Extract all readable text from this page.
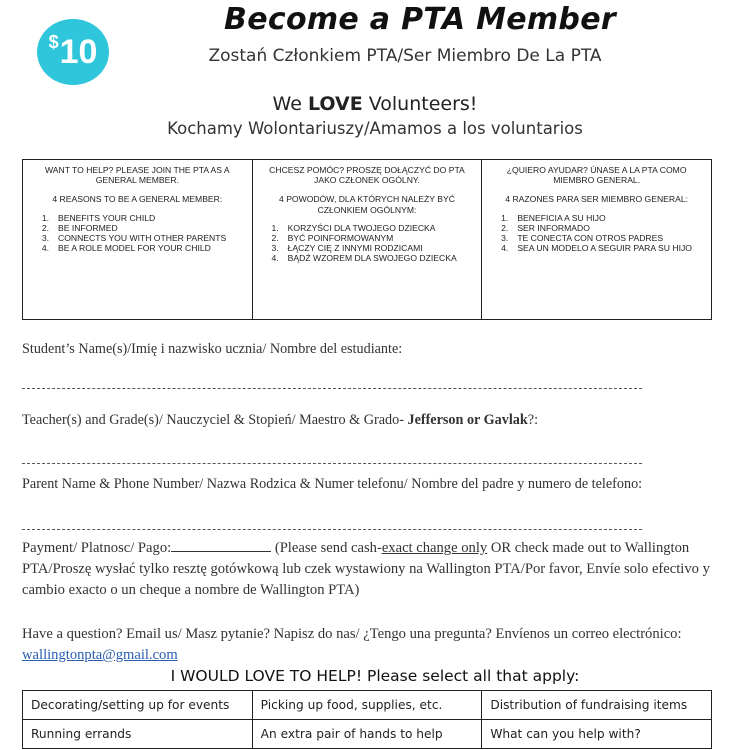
$ 10
Become a PTA Member
Zostań Członkiem PTA/Ser Miembro De La PTA
We LOVE Volunteers!
Kochamy Wolontariuszy/Amamos a los voluntarios
WANT TO HELP? PLEASE JOIN THE PTA AS A GENERAL MEMBER.
4 REASONS TO BE A GENERAL MEMBER:
1.	BENEFITS YOUR CHILD
2.	BE INFORMED
3.	CONNECTS YOU WITH OTHER PARENTS
4.	BE A ROLE MODEL FOR YOUR CHILD

CHCESZ POMÓC? PROSZĘ DOŁĄCZYĆ DO PTA JAKO CZŁONEK OGÓLNY.
4 POWODÓW, DLA KTÓRYCH NALEŻY BYĆ CZŁONKIEM OGÓLNYM:
1.	KORZYŚCI DLA TWOJEGO DZIECKA
2.	BYĆ POINFORMOWANYM
3.	ŁĄCZY CIĘ Z INNYMI RODZICAMI
4.	BĄDŹ WZOREM DLA SWOJEGO DZIECKA

¿QUIERO AYUDAR? ÚNASE A LA PTA COMO MIEMBRO GENERAL.
4 RAZONES PARA SER MIEMBRO GENERAL:
1.	BENEFICIA A SU HIJO
2.	SER INFORMADO
3.	TE CONECTA CON OTROS PADRES
4.	SEA UN MODELO A SEGUIR PARA SU HIJO
Student’s Name(s)/Imię i nazwisko ucznia/ Nombre del estudiante:
Teacher(s) and Grade(s)/ Nauczyciel & Stopień/ Maestro & Grado- Jefferson or Gavlak?:
Parent Name & Phone Number/ Nazwa Rodzica & Numer telefonu/ Nombre del padre y numero de telefono:
Payment/ Platnosc/ Pago:	(Please send cash-exact change only OR check made out to Wallington PTA/Proszę wysłać tylko resztę gotówkową lub czek wystawiony na Wallington PTA/Por favor, Envíe solo efectivo y cambio exacto o un cheque a nombre de Wallington PTA)
Have a question? Email us/ Masz pytanie? Napisz do nas/ ¿Tengo una pregunta? Envíenos un correo electrónico: wallingtonpta@gmail.com
I WOULD LOVE TO HELP! Please select all that apply:
Decorating/setting up for events	Picking up food, supplies, etc.	Distribution of fundraising items
Running errands	An extra pair of hands to help	What can you help with?
